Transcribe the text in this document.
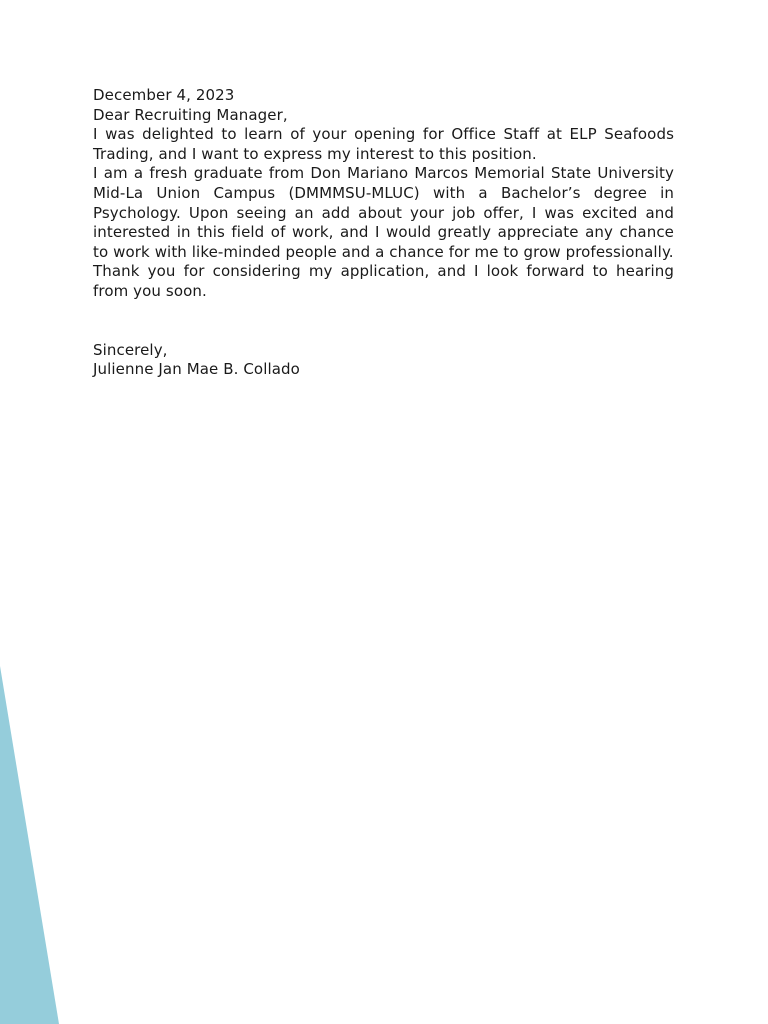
December 4, 2023

Dear Recruiting Manager,

I was delighted to learn of your opening for Office Staff at ELP Seafoods Trading, and I want to express my interest to this position.

I am a fresh graduate from Don Mariano Marcos Memorial State University Mid-La Union Campus (DMMMSU-MLUC) with a Bachelor’s degree in Psychology. Upon seeing an add about your job offer, I was excited and interested in this field of work, and I would greatly appreciate any chance to work with like-minded people and a chance for me to grow professionally.

Thank you for considering my application, and I look forward to hearing from you soon.

Sincerely,

Julienne Jan Mae B. Collado
